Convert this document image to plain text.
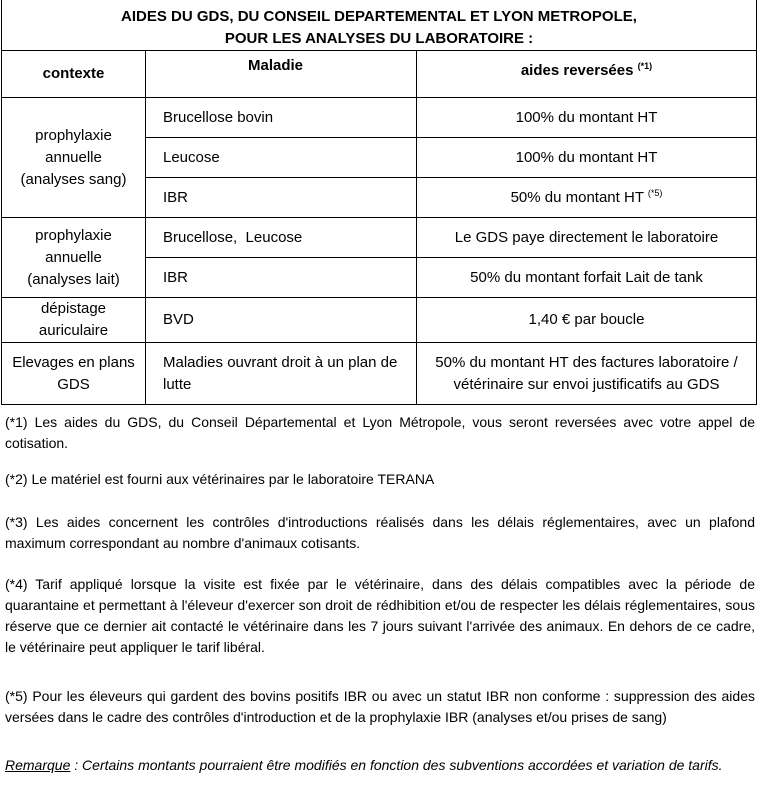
AIDES DU GDS, DU CONSEIL DEPARTEMENTAL ET LYON METROPOLE,
POUR LES ANALYSES DU LABORATOIRE :		

contexte	Maladie	aides reversées $^{(*1)}$

prophylaxie
annuelle
(analyses sang)	Brucellose bovin	100% du montant HT
	Leucose	100% du montant HT
	IBR	50% du montant HT $^{(*5)}$

prophylaxie
annuelle
(analyses lait)	Brucellose,  Leucose	Le GDS paye directement le laboratoire
	IBR	50% du montant forfait Lait de tank

dépistage
auriculaire	BVD	1,40 € par boucle

Elevages en plans
GDS	Maladies ouvrant droit à un plan de lutte	50% du montant HT des factures laboratoire / vétérinaire sur envoi justificatifs au GDS
(*1) Les aides du GDS, du Conseil Départemental et Lyon Métropole, vous seront reversées avec votre appel de cotisation.
(*2) Le matériel est fourni aux vétérinaires par le laboratoire TERANA
(*3) Les aides concernent les contrôles d'introductions réalisés dans les délais réglementaires, avec un plafond maximum correspondant au nombre d'animaux cotisants.
(*4) Tarif appliqué lorsque la visite est fixée par le vétérinaire, dans des délais compatibles avec la période de quarantaine et permettant à l'éleveur d'exercer son droit de rédhibition et/ou de respecter les délais réglementaires, sous réserve que ce dernier ait contacté le vétérinaire dans les 7 jours suivant l'arrivée des animaux. En dehors de ce cadre, le vétérinaire peut appliquer le tarif libéral.
(*5) Pour les éleveurs qui gardent des bovins positifs IBR ou avec un statut IBR non conforme : suppression des aides versées dans le cadre des contrôles d'introduction et de la prophylaxie IBR (analyses et/ou prises de sang)
Remarque : Certains montants pourraient être modifiés en fonction des subventions accordées et variation de tarifs.
